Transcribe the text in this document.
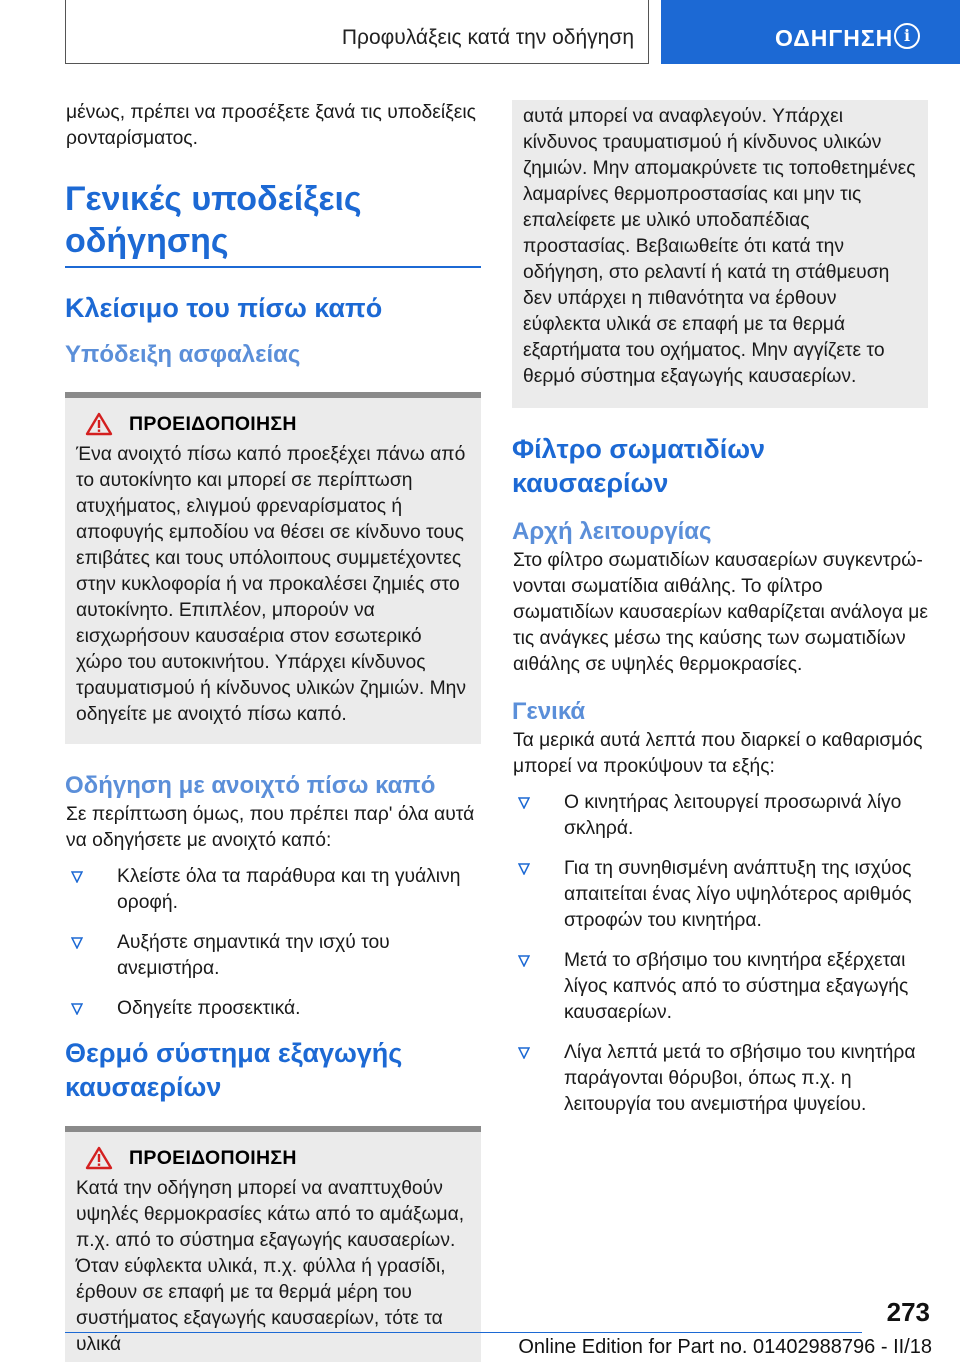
Προφυλάξεις κατά την οδήγηση	ΟΔΗΓΗΣΗ i

μένως, πρέπει να προσέξετε ξανά τις υποδείξεις ρονταρίσματος.

Γενικές υποδείξεις οδήγησης
Κλείσιμο του πίσω καπό
Υπόδειξη ασφαλείας
ΠΡΟΕΙΔΟΠΟΙΗΣΗ

Ένα ανοιχτό πίσω καπό προεξέχει πάνω από το αυτοκίνητο και μπορεί σε περίπτωση ατυχήματος, ελιγμού φρεναρίσματος ή αποφυγής εμποδίου να θέσει σε κίνδυνο τους επιβάτες και τους υπόλοιπους συμμετέχοντες στην κυκλοφορία ή να προκαλέσει ζημιές στο αυτοκίνητο. Επιπλέον, μπορούν να εισχωρήσουν καυσαέρια στον εσωτερικό χώρο του αυτοκινήτου. Υπάρχει κίνδυνος τραυματισμού ή κίνδυνος υλικών ζημιών. Μην οδηγείτε με ανοιχτό πίσω καπό.

Οδήγηση με ανοιχτό πίσω καπό

Σε περίπτωση όμως, που πρέπει παρ' όλα αυτά να οδηγήσετε με ανοιχτό καπό:

Κλείστε όλα τα παράθυρα και τη γυάλινη οροφή.
Αυξήστε σημαντικά την ισχύ του ανεμιστήρα.
Οδηγείτε προσεκτικά.
Θερμό σύστημα εξαγωγής καυσαερίων
ΠΡΟΕΙΔΟΠΟΙΗΣΗ

Κατά την οδήγηση μπορεί να αναπτυχθούν υψηλές θερμοκρασίες κάτω από το αμάξωμα, π.χ. από το σύστημα εξαγωγής καυσαερίων. Όταν εύφλεκτα υλικά, π.χ. φύλλα ή γρασίδι, έρθουν σε επαφή με τα θερμά μέρη του συστήματος εξαγωγής καυσαερίων, τότε τα υλικά

αυτά μπορεί να αναφλεγούν. Υπάρχει κίνδυνος τραυματισμού ή κίνδυνος υλικών ζημιών. Μην απομακρύνετε τις τοποθετημένες λαμαρίνες θερμοπροστασίας και μην τις επαλείφετε με υλικό υποδαπέδιας προστασίας. Βεβαιωθείτε ότι κατά την οδήγηση, στο ρελαντί ή κατά τη στάθμευση δεν υπάρχει η πιθανότητα να έρθουν εύφλεκτα υλικά σε επαφή με τα θερμά εξαρτήματα του οχήματος. Μην αγγίζετε το θερμό σύστημα εξαγωγής καυσαερίων.

Φίλτρο σωματιδίων καυσαερίων
Αρχή λειτουργίας

Στο φίλτρο σωματιδίων καυσαερίων συγκεντρώνονται σωματίδια αιθάλης. Το φίλτρο σωματιδίων καυσαερίων καθαρίζεται ανάλογα με τις ανάγκες μέσω της καύσης των σωματιδίων αιθάλης σε υψηλές θερμοκρασίες.

Γενικά

Τα μερικά αυτά λεπτά που διαρκεί ο καθαρισμός μπορεί να προκύψουν τα εξής:

Ο κινητήρας λειτουργεί προσωρινά λίγο σκληρά.
Για τη συνηθισμένη ανάπτυξη της ισχύος απαιτείται ένας λίγο υψηλότερος αριθμός στροφών του κινητήρα.
Μετά το σβήσιμο του κινητήρα εξέρχεται λίγος καπνός από το σύστημα εξαγωγής καυσαερίων.
Λίγα λεπτά μετά το σβήσιμο του κινητήρα παράγονται θόρυβοι, όπως π.χ. η λειτουργία του ανεμιστήρα ψυγείου.
273
Online Edition for Part no. 01402988796 - II/18
